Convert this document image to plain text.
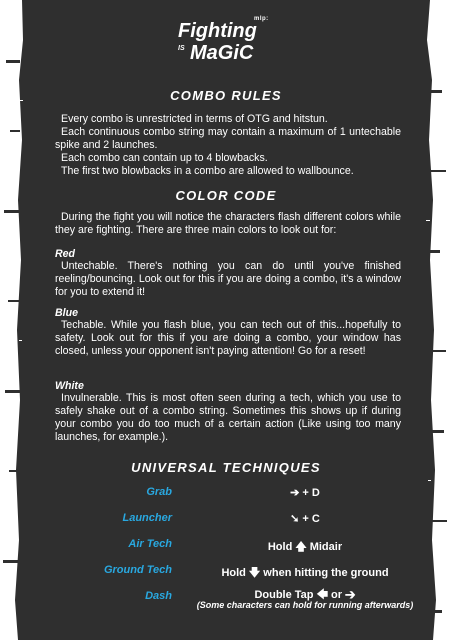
mlp:
Fighting
IS MaGiC
COMBO RULES
Every combo is unrestricted in terms of OTG and hitstun.
Each continuous combo string may contain a maximum of 1 untechable spike and 2 launches.
Each combo can contain up to 4 blowbacks.
The first two blowbacks in a combo are allowed to wallbounce.
COLOR CODE

During the fight you will notice the characters flash different colors while they are fighting. There are three main colors to look out for:

Red

Untechable. There's nothing you can do until you've finished reeling/bouncing. Look out for this if you are doing a combo, it's a window for you to extend it!

Blue

Techable. While you flash blue, you can tech out of this...hopefully to safety. Look out for this if you are doing a combo, your window has closed, unless your opponent isn't paying attention! Go for a reset!

White

Invulnerable. This is most often seen during a tech, which you use to safely shake out of a combo string. Sometimes this shows up if during your combo you do too much of a certain action (Like using too many launches, for example.).

UNIVERSAL TECHNIQUES
Grab	➔ + D
Launcher	➘ + C
Air Tech	Hold 🡅 Midair
Ground Tech	Hold 🡇 when hitting the ground
Dash	Double Tap 🡄 or ➔
(Some characters can hold for running afterwards)
